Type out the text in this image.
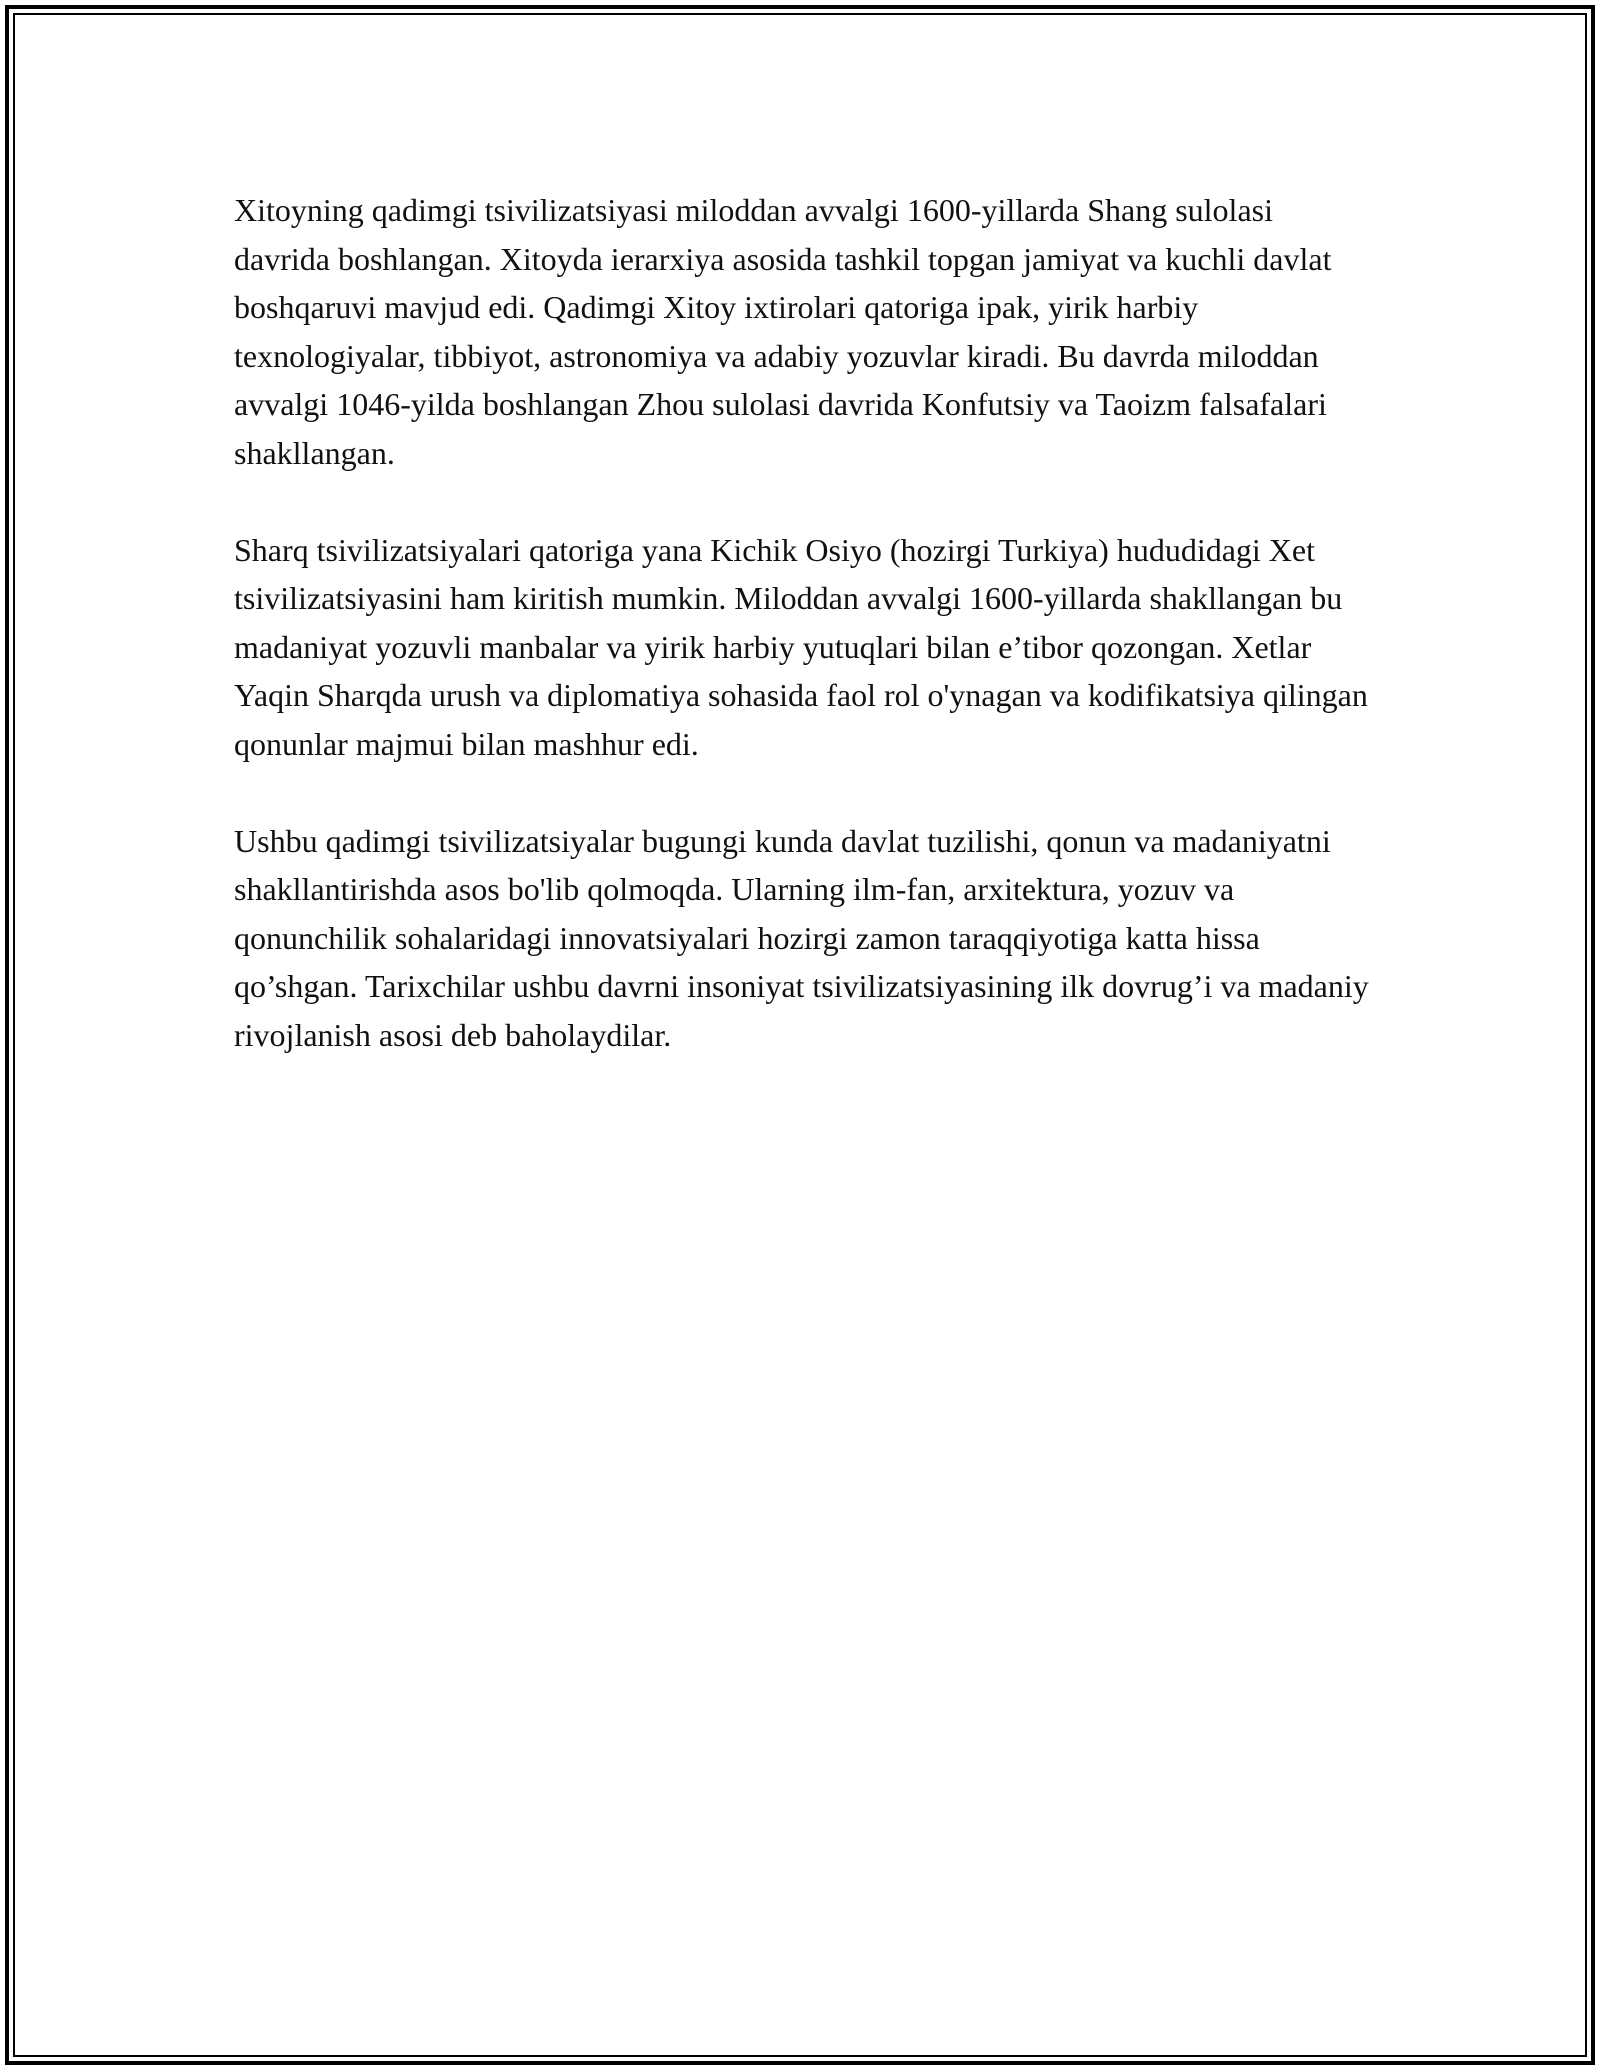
Xitoyning qadimgi tsivilizatsiyasi miloddan avvalgi 1600-yillarda Shang sulolasi davrida boshlangan. Xitoyda ierarxiya asosida tashkil topgan jamiyat va kuchli davlat boshqaruvi mavjud edi. Qadimgi Xitoy ixtirolari qatoriga ipak, yirik harbiy texnologiyalar, tibbiyot, astronomiya va adabiy yozuvlar kiradi. Bu davrda miloddan avvalgi 1046-yilda boshlangan Zhou sulolasi davrida Konfutsiy va Taoizm falsafalari shakllangan.

Sharq tsivilizatsiyalari qatoriga yana Kichik Osiyo (hozirgi Turkiya) hududidagi Xet tsivilizatsiyasini ham kiritish mumkin. Miloddan avvalgi 1600-yillarda shakllangan bu madaniyat yozuvli manbalar va yirik harbiy yutuqlari bilan e’tibor qozongan. Xetlar Yaqin Sharqda urush va diplomatiya sohasida faol rol o'ynagan va kodifikatsiya qilingan qonunlar majmui bilan mashhur edi.

Ushbu qadimgi tsivilizatsiyalar bugungi kunda davlat tuzilishi, qonun va madaniyatni shakllantirishda asos bo'lib qolmoqda. Ularning ilm-fan, arxitektura, yozuv va qonunchilik sohalaridagi innovatsiyalari hozirgi zamon taraqqiyotiga katta hissa qo’shgan. Tarixchilar ushbu davrni insoniyat tsivilizatsiyasining ilk dovrug’i va madaniy rivojlanish asosi deb baholaydilar.
